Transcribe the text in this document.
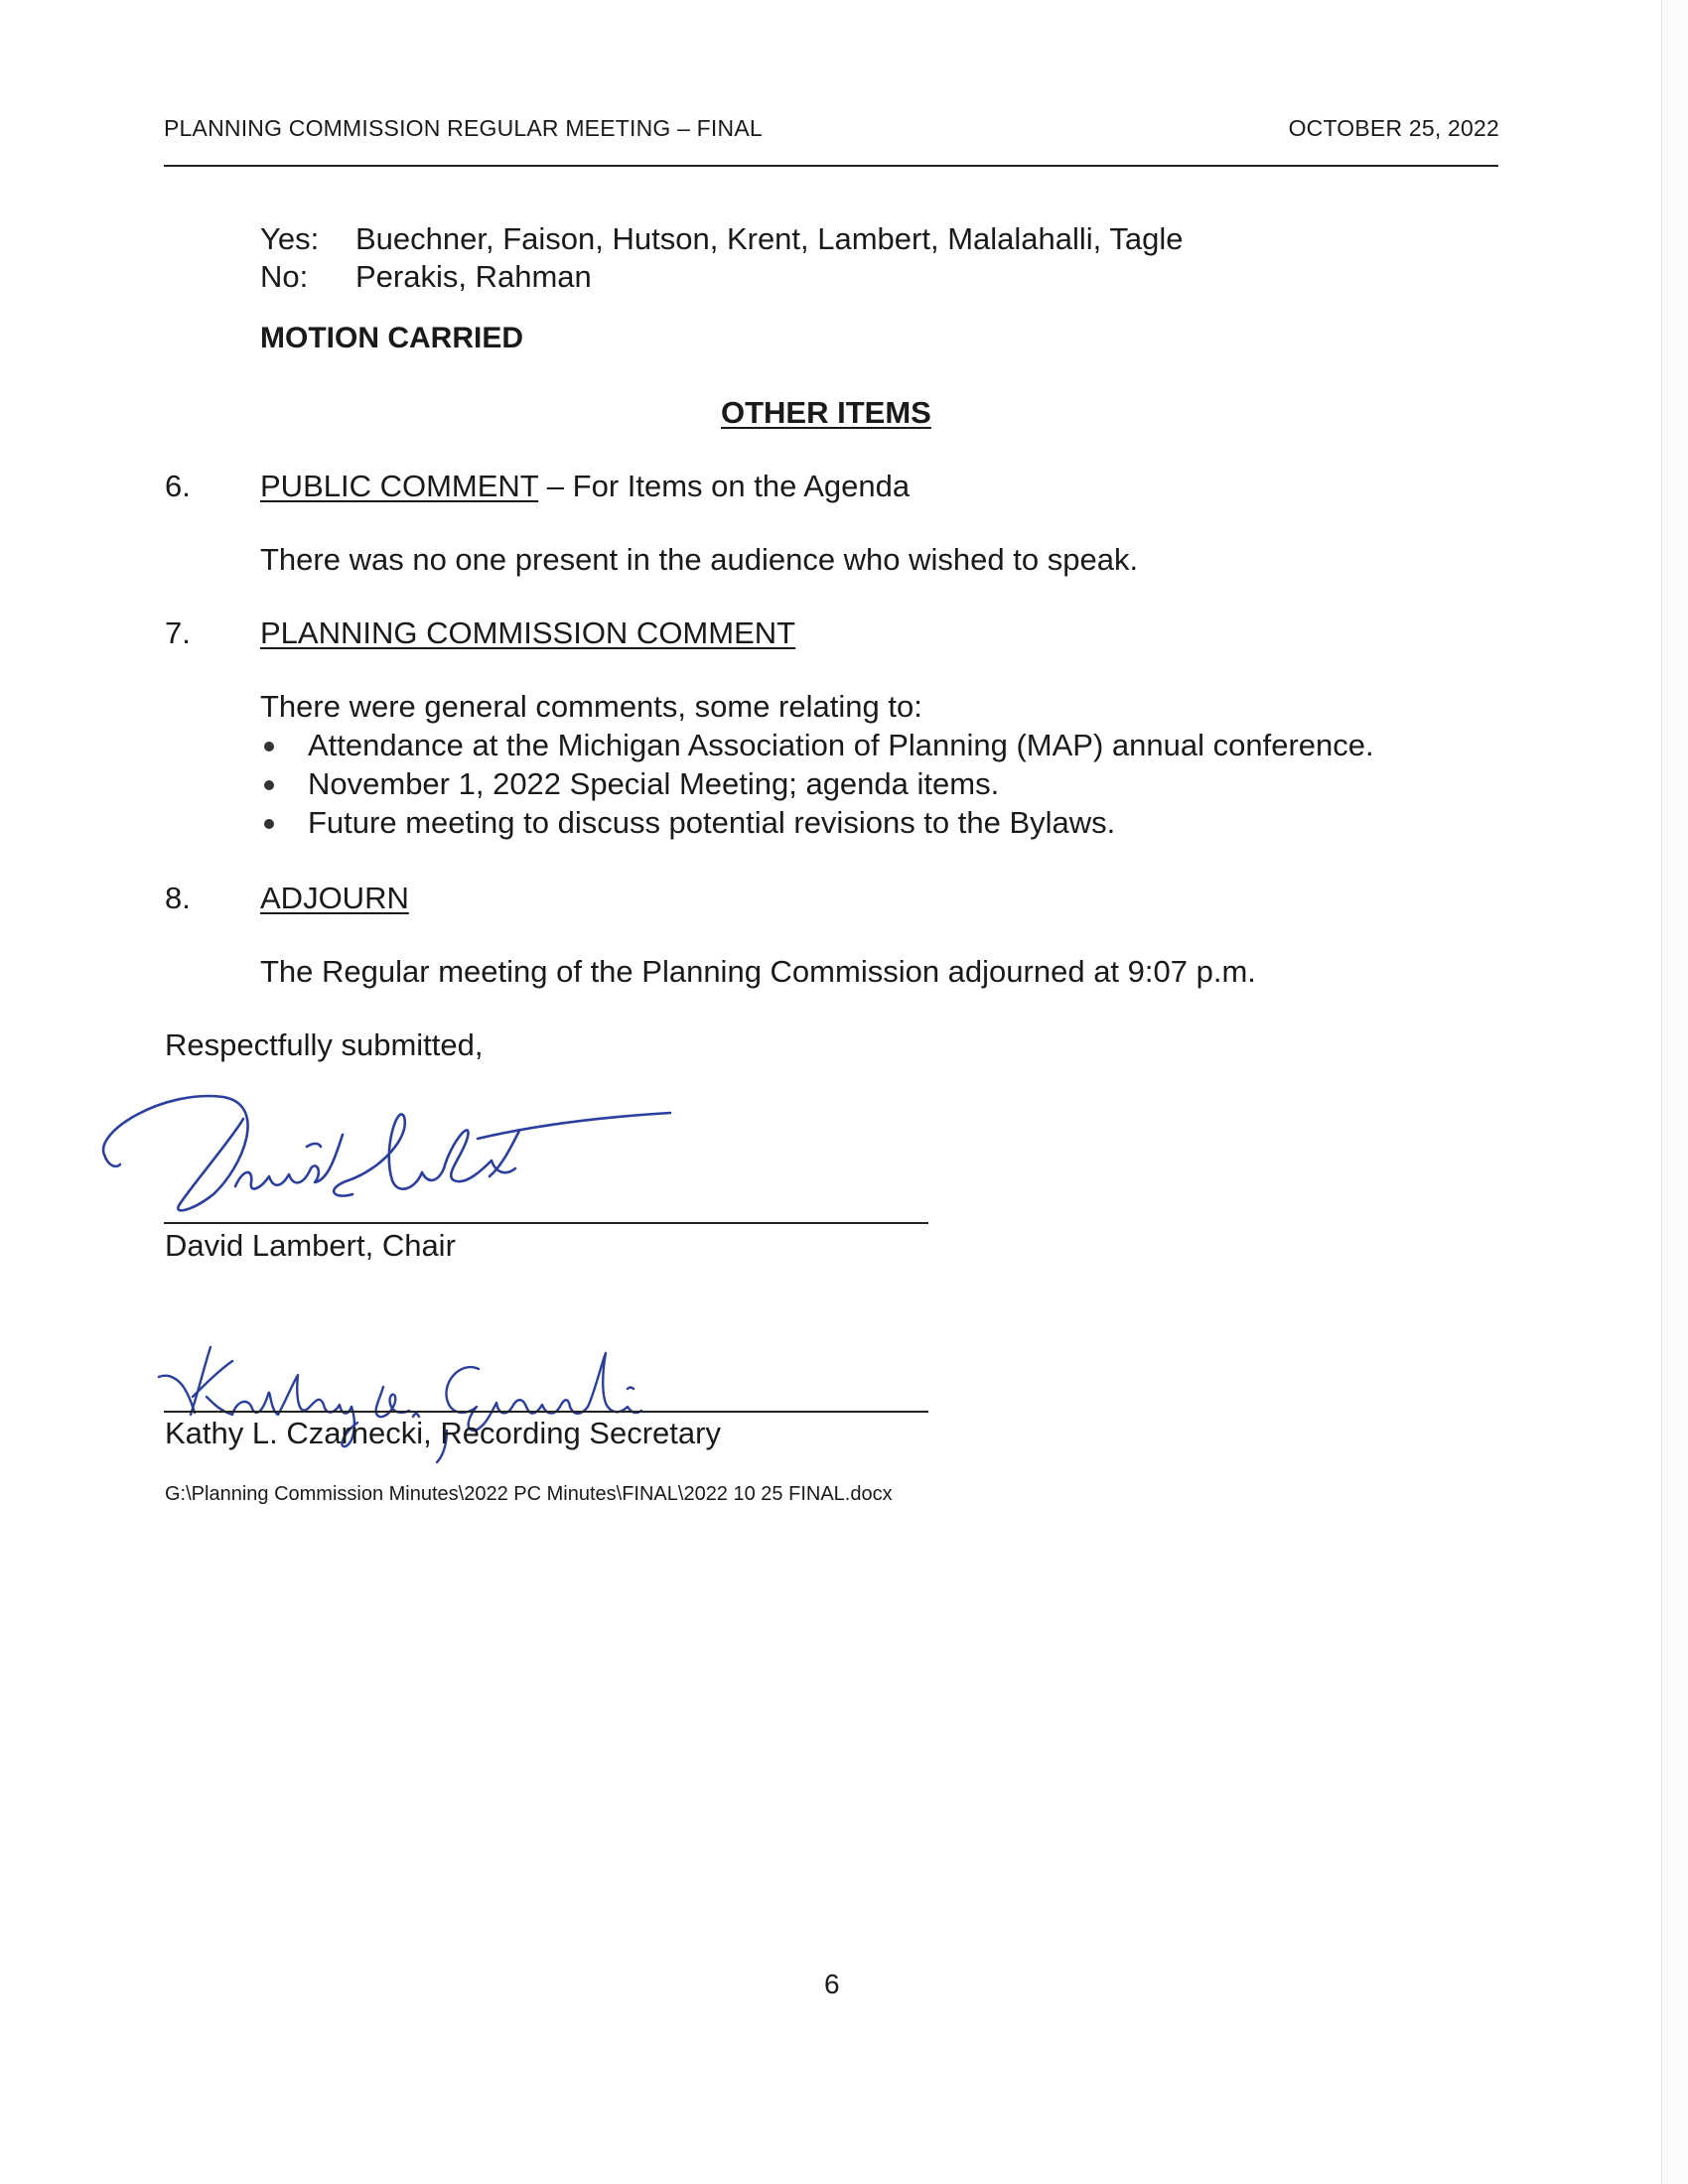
PLANNING COMMISSION REGULAR MEETING – FINAL	OCTOBER 25, 2022
Yes: Buechner, Faison, Hutson, Krent, Lambert, Malalahalli, Tagle
No: Perakis, Rahman
MOTION CARRIED
OTHER ITEMS
6. PUBLIC COMMENT – For Items on the Agenda
There was no one present in the audience who wished to speak.
7. PLANNING COMMISSION COMMENT
There were general comments, some relating to:
Attendance at the Michigan Association of Planning (MAP) annual conference.
November 1, 2022 Special Meeting; agenda items.
Future meeting to discuss potential revisions to the Bylaws.
8. ADJOURN
The Regular meeting of the Planning Commission adjourned at 9:07 p.m.
Respectfully submitted,
David Lambert, Chair
Kathy L. Czarnecki, Recording Secretary
G:\Planning Commission Minutes\2022 PC Minutes\FINAL\2022 10 25 FINAL.docx
6
